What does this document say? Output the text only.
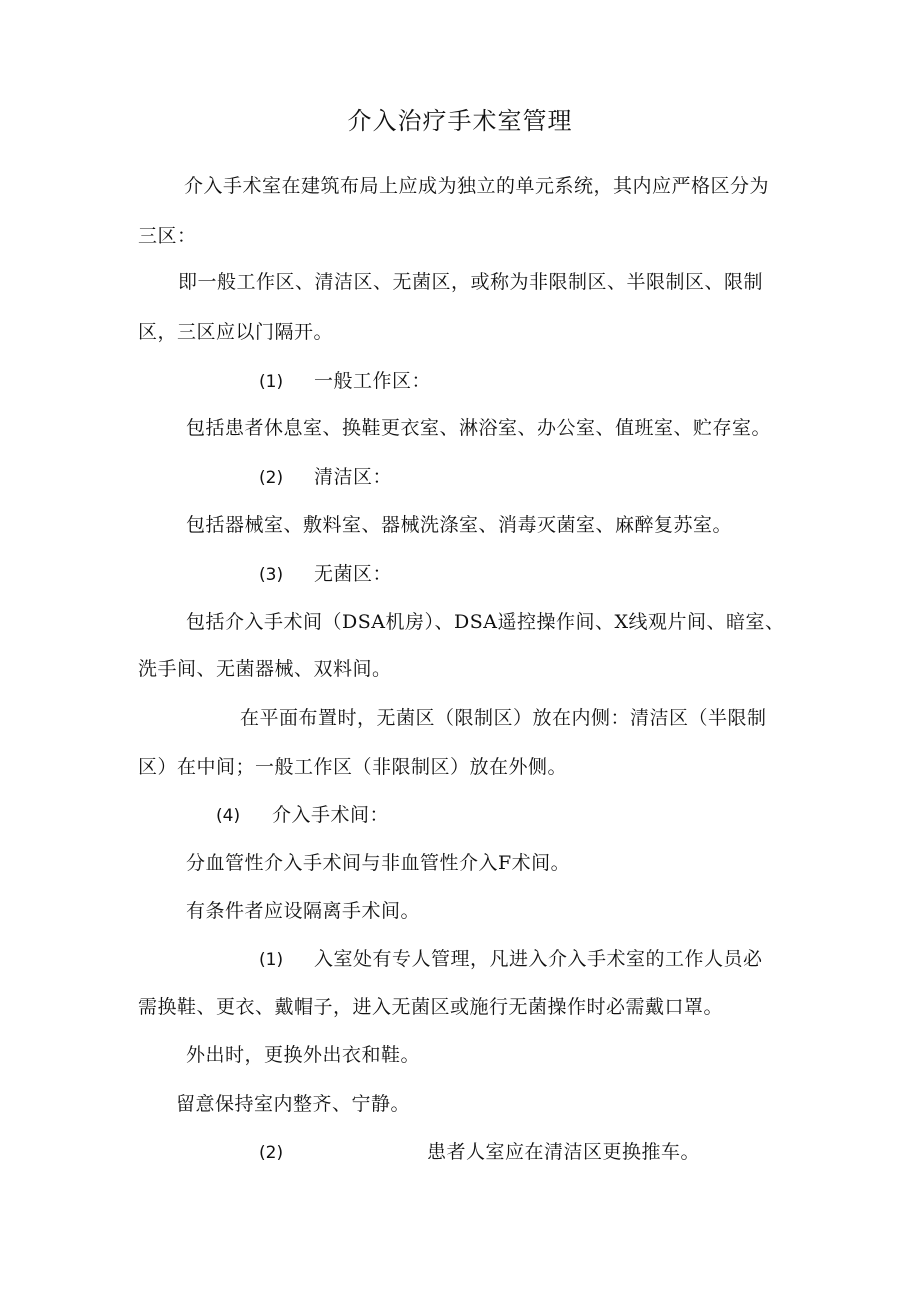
介入治疗手术室管理
介入手术室在建筑布局上应成为独立的单元系统，其内应严格区分为
三区：
即一般工作区、清洁区、无菌区，或称为非限制区、半限制区、限制
区，三区应以门隔开。
(1) 一般工作区：
包括患者休息室、换鞋更衣室、淋浴室、办公室、值班室、贮存室。
(2) 清洁区：
包括器械室、敷料室、器械洗涤室、消毒灭菌室、麻醉复苏室。
(3) 无菌区：
包括介入手术间（DSA机房）、DSA遥控操作间、X线观片间、暗室、
洗手间、无菌器械、双料间。
在平面布置时，无菌区（限制区）放在内侧：清洁区（半限制
区）在中间；一般工作区（非限制区）放在外侧。
(4) 介入手术间：
分血管性介入手术间与非血管性介入F术间。
有条件者应设隔离手术间。
(1) 入室处有专人管理，凡进入介入手术室的工作人员必
需换鞋、更衣、戴帽子，进入无菌区或施行无菌操作时必需戴口罩。
外出时，更换外出衣和鞋。
留意保持室内整齐、宁静。
(2)	患者人室应在清洁区更换推车。
